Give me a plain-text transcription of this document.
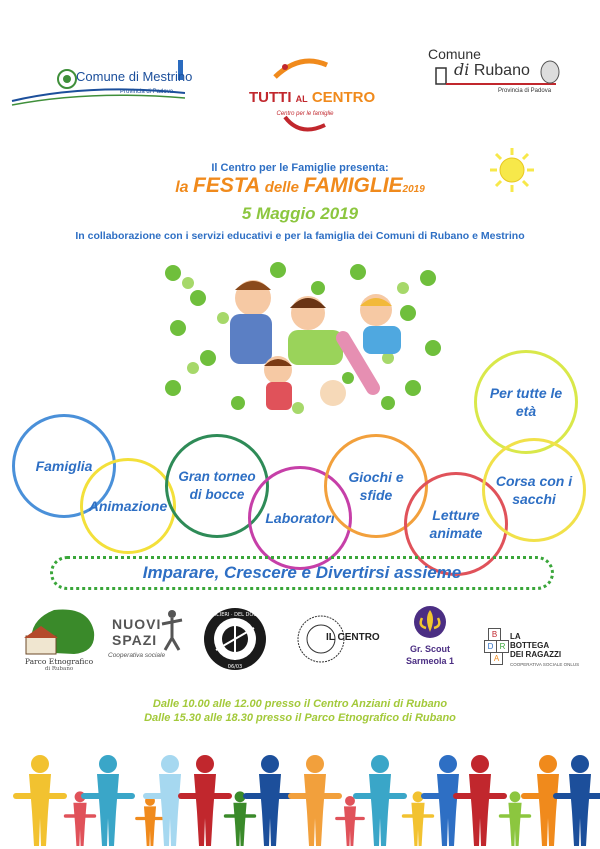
Comune di Mestrino
Provincia di Padova	TUTTI AL CENTRO
Centro per le famiglie
Comune
di Rubano
Provincia di Padova
Il Centro per le Famiglie presenta:
la FESTA delle FAMIGLIE2019
5 Maggio 2019
In collaborazione con i servizi educativi e per la famiglia dei Comuni di Rubano e Mestrino
Famiglia
Animazione
Gran torneo di bocce
Laboratori
Giochi e sfide
Letture animate
Per tutte le età
Corsa con i sacchi
Imparare, Crescere e Divertirsi assieme
Parco Etnografico
di Rubano
NUOVI
SPAZI
Cooperativa sociale
ARCIERI · DEL DOGE
06/03
IL CENTRO
Gr. Scout
Sarmeola 1
B
D R
A
LA
BOTTEGA
DEI RAGAZZI
COOPERATIVA SOCIALE ONLUS
Dalle 10.00 alle 12.00 presso il Centro Anziani di Rubano
Dalle 15.30 alle 18.30 presso il Parco Etnografico di Rubano
